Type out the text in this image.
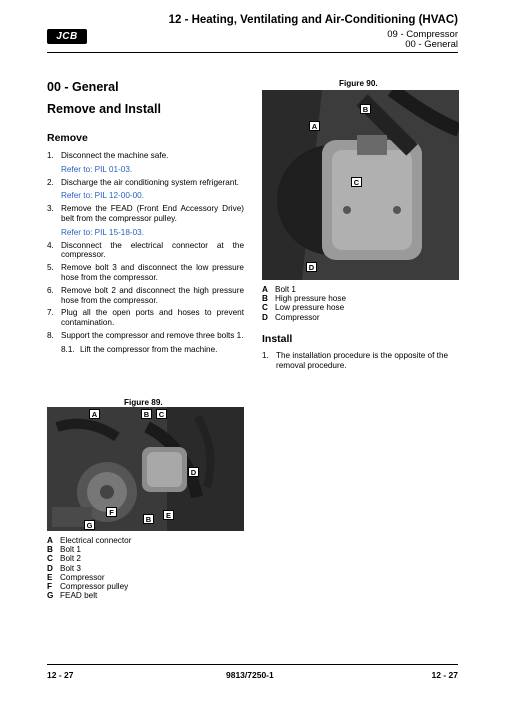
JCB
12 - Heating, Ventilating and Air-Conditioning (HVAC)
09 - Compressor
00 - General
00 - General
Remove and Install
Remove
1. Disconnect the machine safe.
Refer to: PIL 01-03.
2. Discharge the air conditioning system refrigerant.
Refer to: PIL 12-00-00.
3. Remove the FEAD (Front End Accessory Drive) belt from the compressor pulley.
Refer to: PIL 15-18-03.
4. Disconnect the electrical connector at the compressor.
5. Remove bolt 3 and disconnect the low pressure hose from the compressor.
6. Remove bolt 2 and disconnect the high pressure hose from the compressor.
7. Plug all the open ports and hoses to prevent contamination.
8. Support the compressor and remove three bolts 1.
8.1. Lift the compressor from the machine.
Figure 89.
A	B	C
D
E
F
B
G
A Electrical connector
B Bolt 1
C Bolt 2
D Bolt 3
E Compressor
F Compressor pulley
G FEAD belt
Figure 90.
B
A
C
D
A Bolt 1
B High pressure hose
C Low pressure hose
D Compressor
Install
1. The installation procedure is the opposite of the removal procedure.
12 - 27	9813/7250-1	12 - 27
